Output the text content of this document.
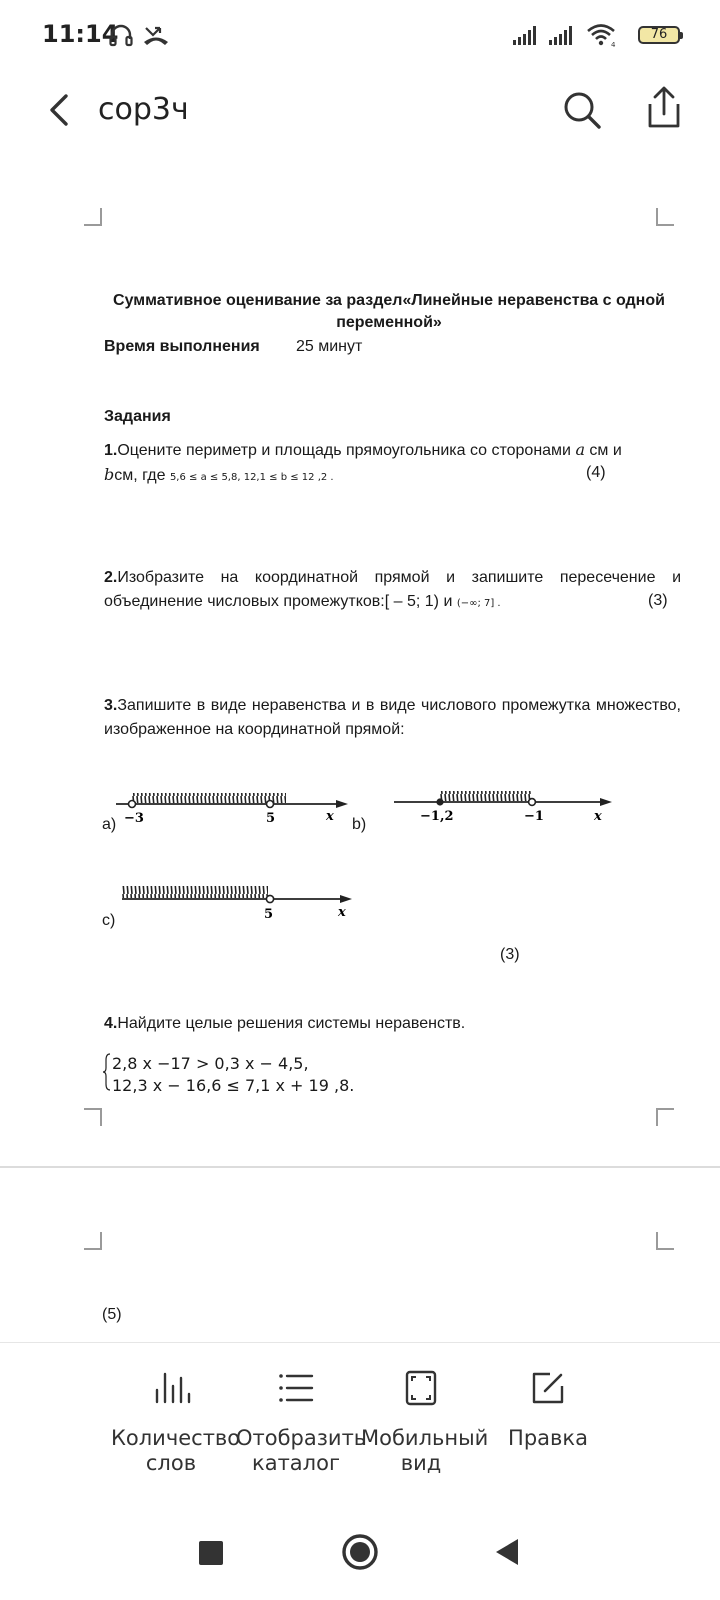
11:14	4
76
сор3ч
Суммативное оценивание за раздел«Линейные неравенства с одной переменной»
Время выполнения 25 минут
Задания
1.Оцените периметр и площадь прямоугольника со сторонами a см и
bсм, где 5,6 ≤ a ≤ 5,8, 12,1 ≤ b ≤ 12 ,2 .	(4)
2.Изобразите на координатной прямой и запишите пересечение и объединение числовых промежутков:[ – 5; 1) и (−∞; 7] .	(3)
3.Запишите в виде неравенства и в виде числового промежутка множество, изображенное на координатной прямой:
а) −3	5	x b)	−1,2	−1	x
с)	5	x
(3)
4.Найдите целые решения системы неравенств.
2,8 x −17 > 0,3 x − 4,5,
12,3 x − 16,6 ≤ 7,1 x + 19 ,8.
(5)
Количество
слов
Отобразить
каталог
Мобильный
вид
Правка
